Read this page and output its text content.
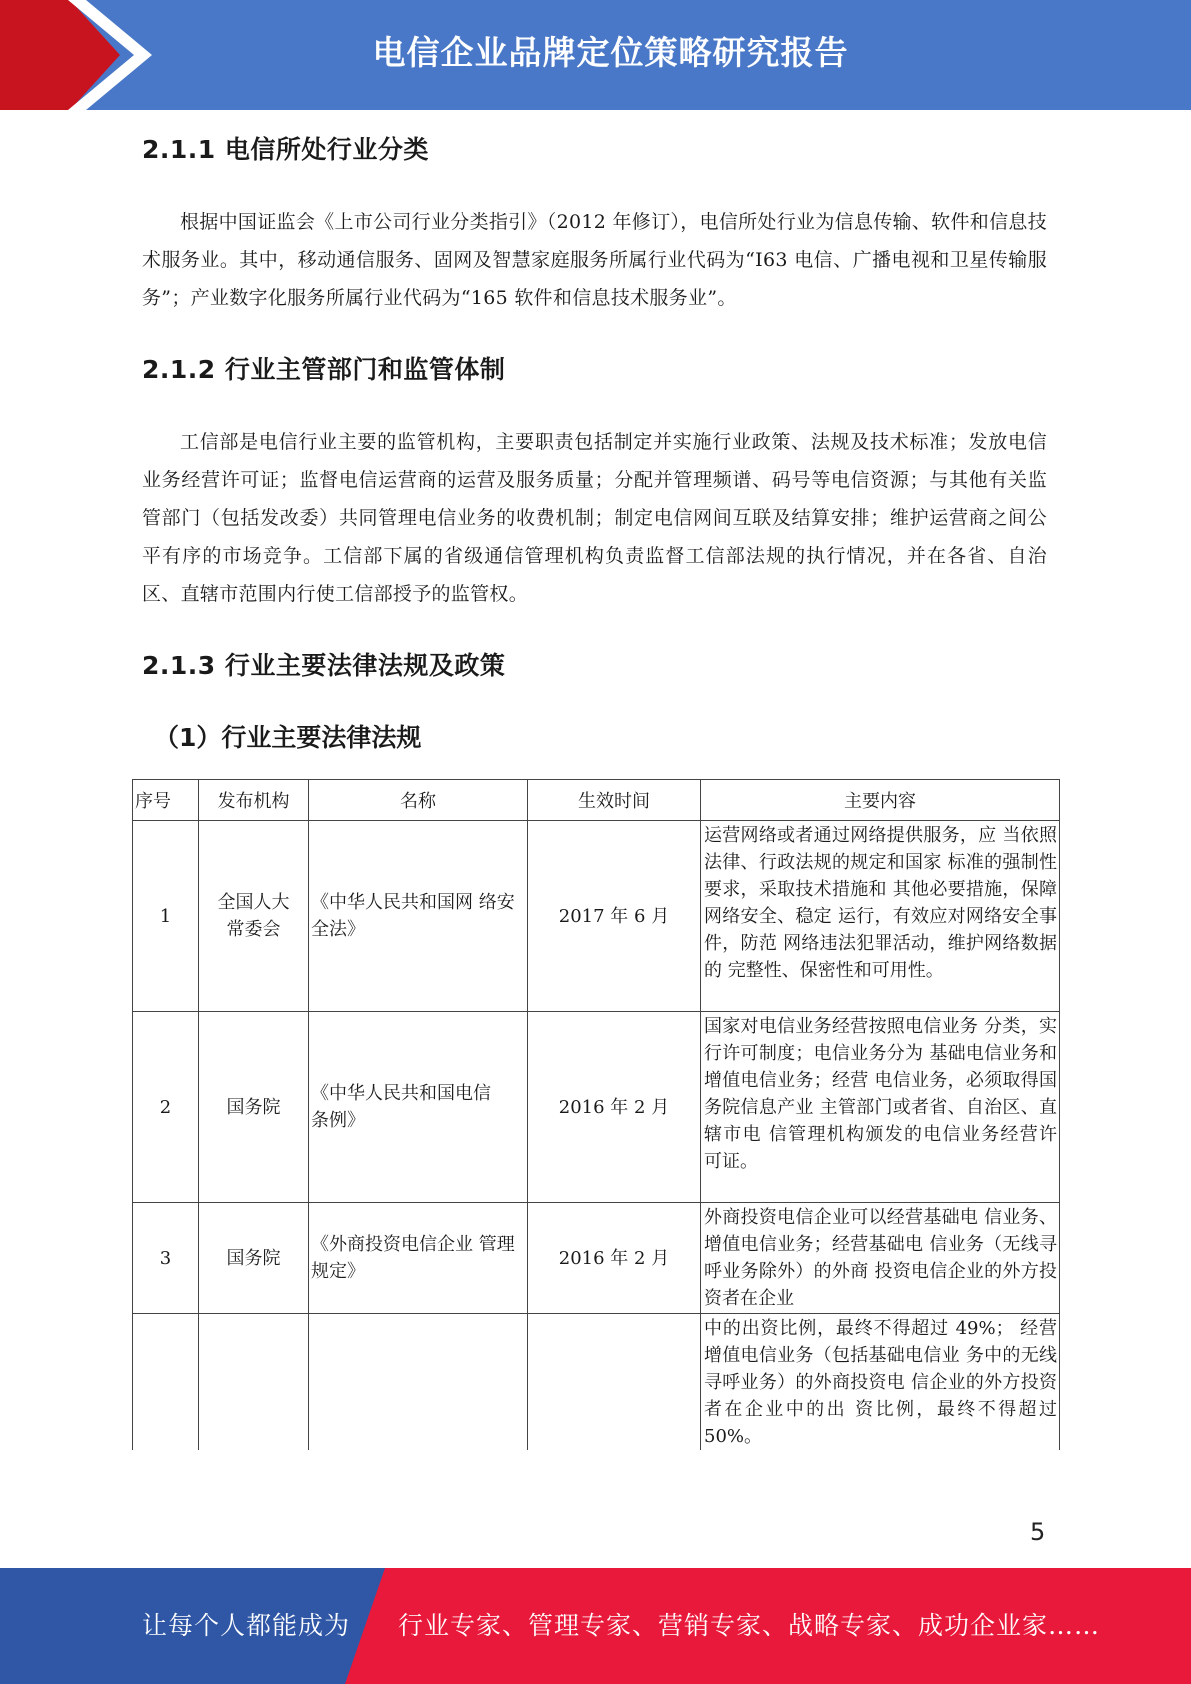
电信企业品牌定位策略研究报告
2.1.1 电信所处行业分类

根据中国证监会《上市公司行业分类指引》（2012 年修订），电信所处行业为信息传输、软件和信息技术服务业。其中，移动通信服务、固网及智慧家庭服务所属行业代码为“I63 电信、广播电视和卫星传输服务”；产业数字化服务所属行业代码为“165 软件和信息技术服务业”。

2.1.2 行业主管部门和监管体制

工信部是电信行业主要的监管机构，主要职责包括制定并实施行业政策、法规及技术标准；发放电信业务经营许可证；监督电信运营商的运营及服务质量；分配并管理频谱、码号等电信资源；与其他有关监管部门（包括发改委）共同管理电信业务的收费机制；制定电信网间互联及结算安排；维护运营商之间公平有序的市场竞争。工信部下属的省级通信管理机构负责监督工信部法规的执行情况，并在各省、自治区、直辖市范围内行使工信部授予的监管权。

2.1.3 行业主要法律法规及政策
（1）行业主要法律法规
序号	发布机构	名称	生效时间	主要内容
1	全国人大常委会	《中华人民共和国网 络安全法》	2017 年 6 月	运营网络或者通过网络提供服务，应 当依照法律、行政法规的规定和国家 标准的强制性要求，采取技术措施和 其他必要措施，保障网络安全、稳定 运行，有效应对网络安全事件，防范 网络违法犯罪活动，维护网络数据的 完整性、保密性和可用性。
2	国务院	《中华人民共和国电信条例》	2016 年 2 月	国家对电信业务经营按照电信业务 分类，实行许可制度；电信业务分为 基础电信业务和增值电信业务；经营 电信业务，必须取得国务院信息产业 主管部门或者省、自治区、直辖市电 信管理机构颁发的电信业务经营许 可证。
3	国务院	《外商投资电信企业 管理规定》	2016 年 2 月	外商投资电信企业可以经营基础电 信业务、增值电信业务；经营基础电 信业务（无线寻呼业务除外）的外商 投资电信企业的外方投资者在企业
				中的出资比例，最终不得超过 49%； 经营增值电信业务（包括基础电信业 务中的无线寻呼业务）的外商投资电 信企业的外方投资者在企业中的出 资比例，最终不得超过 50%。
5
让每个人都能成为 行业专家、管理专家、营销专家、战略专家、成功企业家……
